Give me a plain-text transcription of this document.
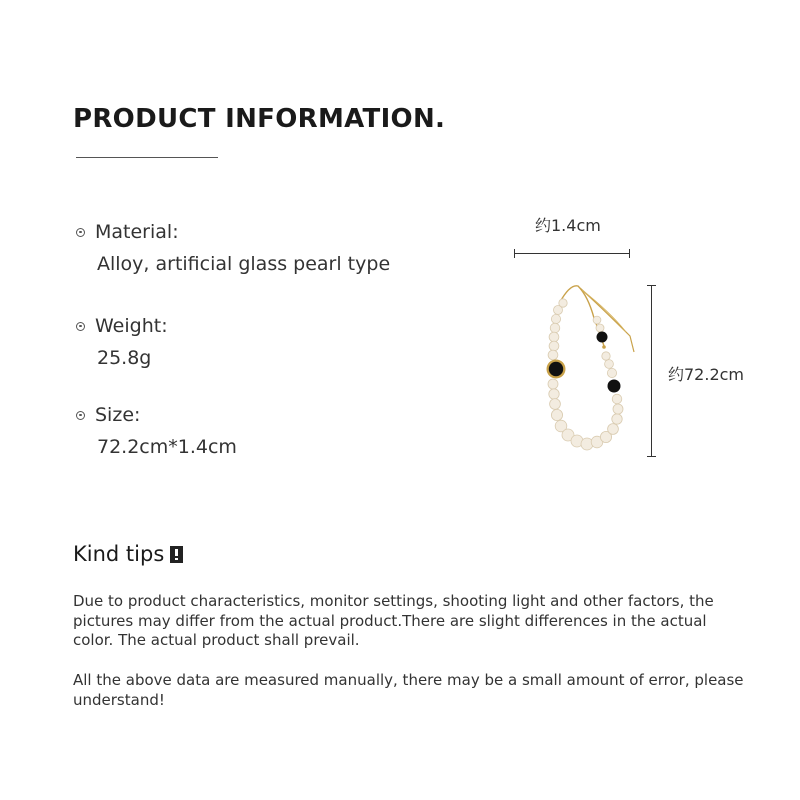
PRODUCT INFORMATION.
Material:
Alloy, artificial glass pearl type
Weight:
25.8g
Size:
72.2cm*1.4cm
约1.4cm
约72.2cm
Kind tips

Due to product characteristics, monitor settings, shooting light and other factors, the
pictures may differ from the actual product.There are slight differences in the actual
color. The actual product shall prevail.

All the above data are measured manually, there may be a small amount of error, please
understand!
